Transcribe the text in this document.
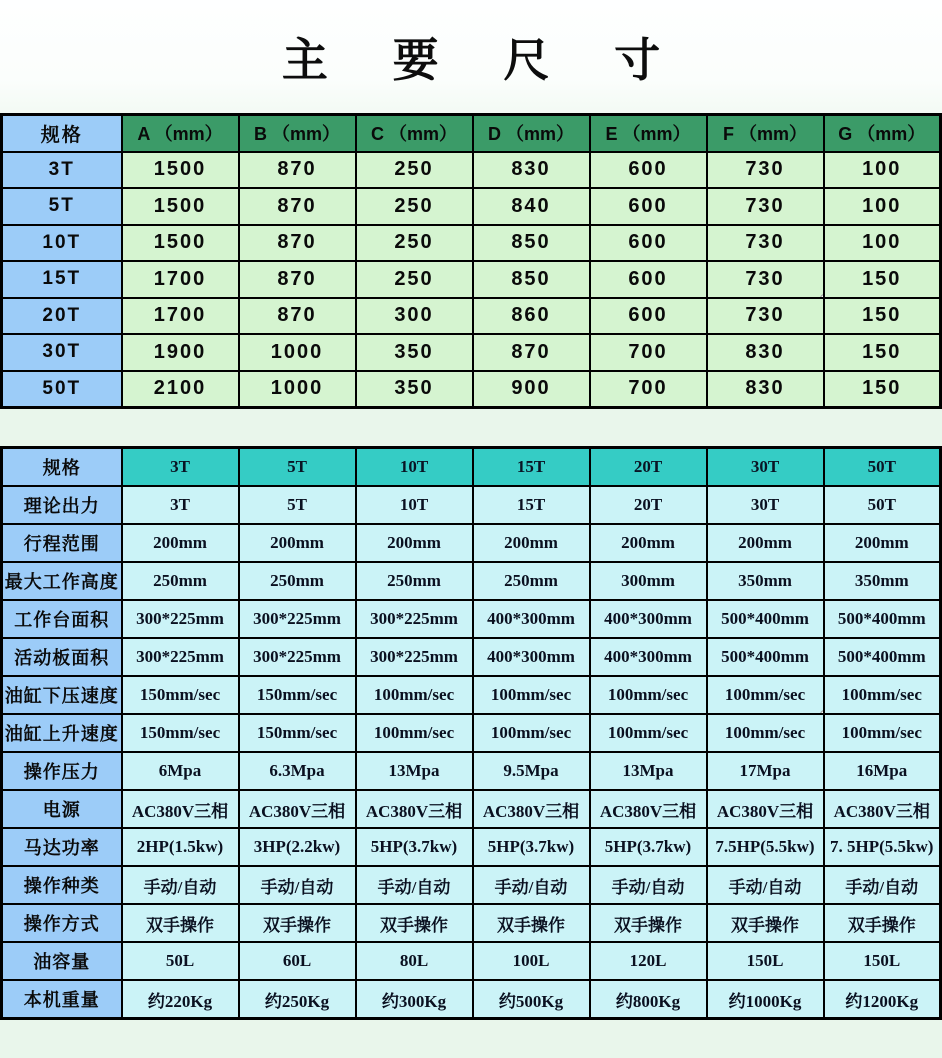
主 要 尺 寸
规格	A （mm）	B （mm）	C （mm）	D （mm）	E （mm）	F （mm）	G （mm）
3T	1500	870	250	830	600	730	100
5T	1500	870	250	840	600	730	100
10T	1500	870	250	850	600	730	100
15T	1700	870	250	850	600	730	150
20T	1700	870	300	860	600	730	150
30T	1900	1000	350	870	700	830	150
50T	2100	1000	350	900	700	830	150
规格	3T	5T	10T	15T	20T	30T	50T
理论出力	3T	5T	10T	15T	20T	30T	50T
行程范围	200mm	200mm	200mm	200mm	200mm	200mm	200mm
最大工作高度	250mm	250mm	250mm	250mm	300mm	350mm	350mm
工作台面积	300*225mm	300*225mm	300*225mm	400*300mm	400*300mm	500*400mm	500*400mm
活动板面积	300*225mm	300*225mm	300*225mm	400*300mm	400*300mm	500*400mm	500*400mm
油缸下压速度	150mm/sec	150mm/sec	100mm/sec	100mm/sec	100mm/sec	100mm/sec	100mm/sec
油缸上升速度	150mm/sec	150mm/sec	100mm/sec	100mm/sec	100mm/sec	100mm/sec	100mm/sec
操作压力	6Mpa	6.3Mpa	13Mpa	9.5Mpa	13Mpa	17Mpa	16Mpa
电源	AC380V三相	AC380V三相	AC380V三相	AC380V三相	AC380V三相	AC380V三相	AC380V三相
马达功率	2HP(1.5kw)	3HP(2.2kw)	5HP(3.7kw)	5HP(3.7kw)	5HP(3.7kw)	7.5HP(5.5kw)	7. 5HP(5.5kw)
操作种类	手动/自动	手动/自动	手动/自动	手动/自动	手动/自动	手动/自动	手动/自动
操作方式	双手操作	双手操作	双手操作	双手操作	双手操作	双手操作	双手操作
油容量	50L	60L	80L	100L	120L	150L	150L
本机重量	约220Kg	约250Kg	约300Kg	约500Kg	约800Kg	约1000Kg	约1200Kg
